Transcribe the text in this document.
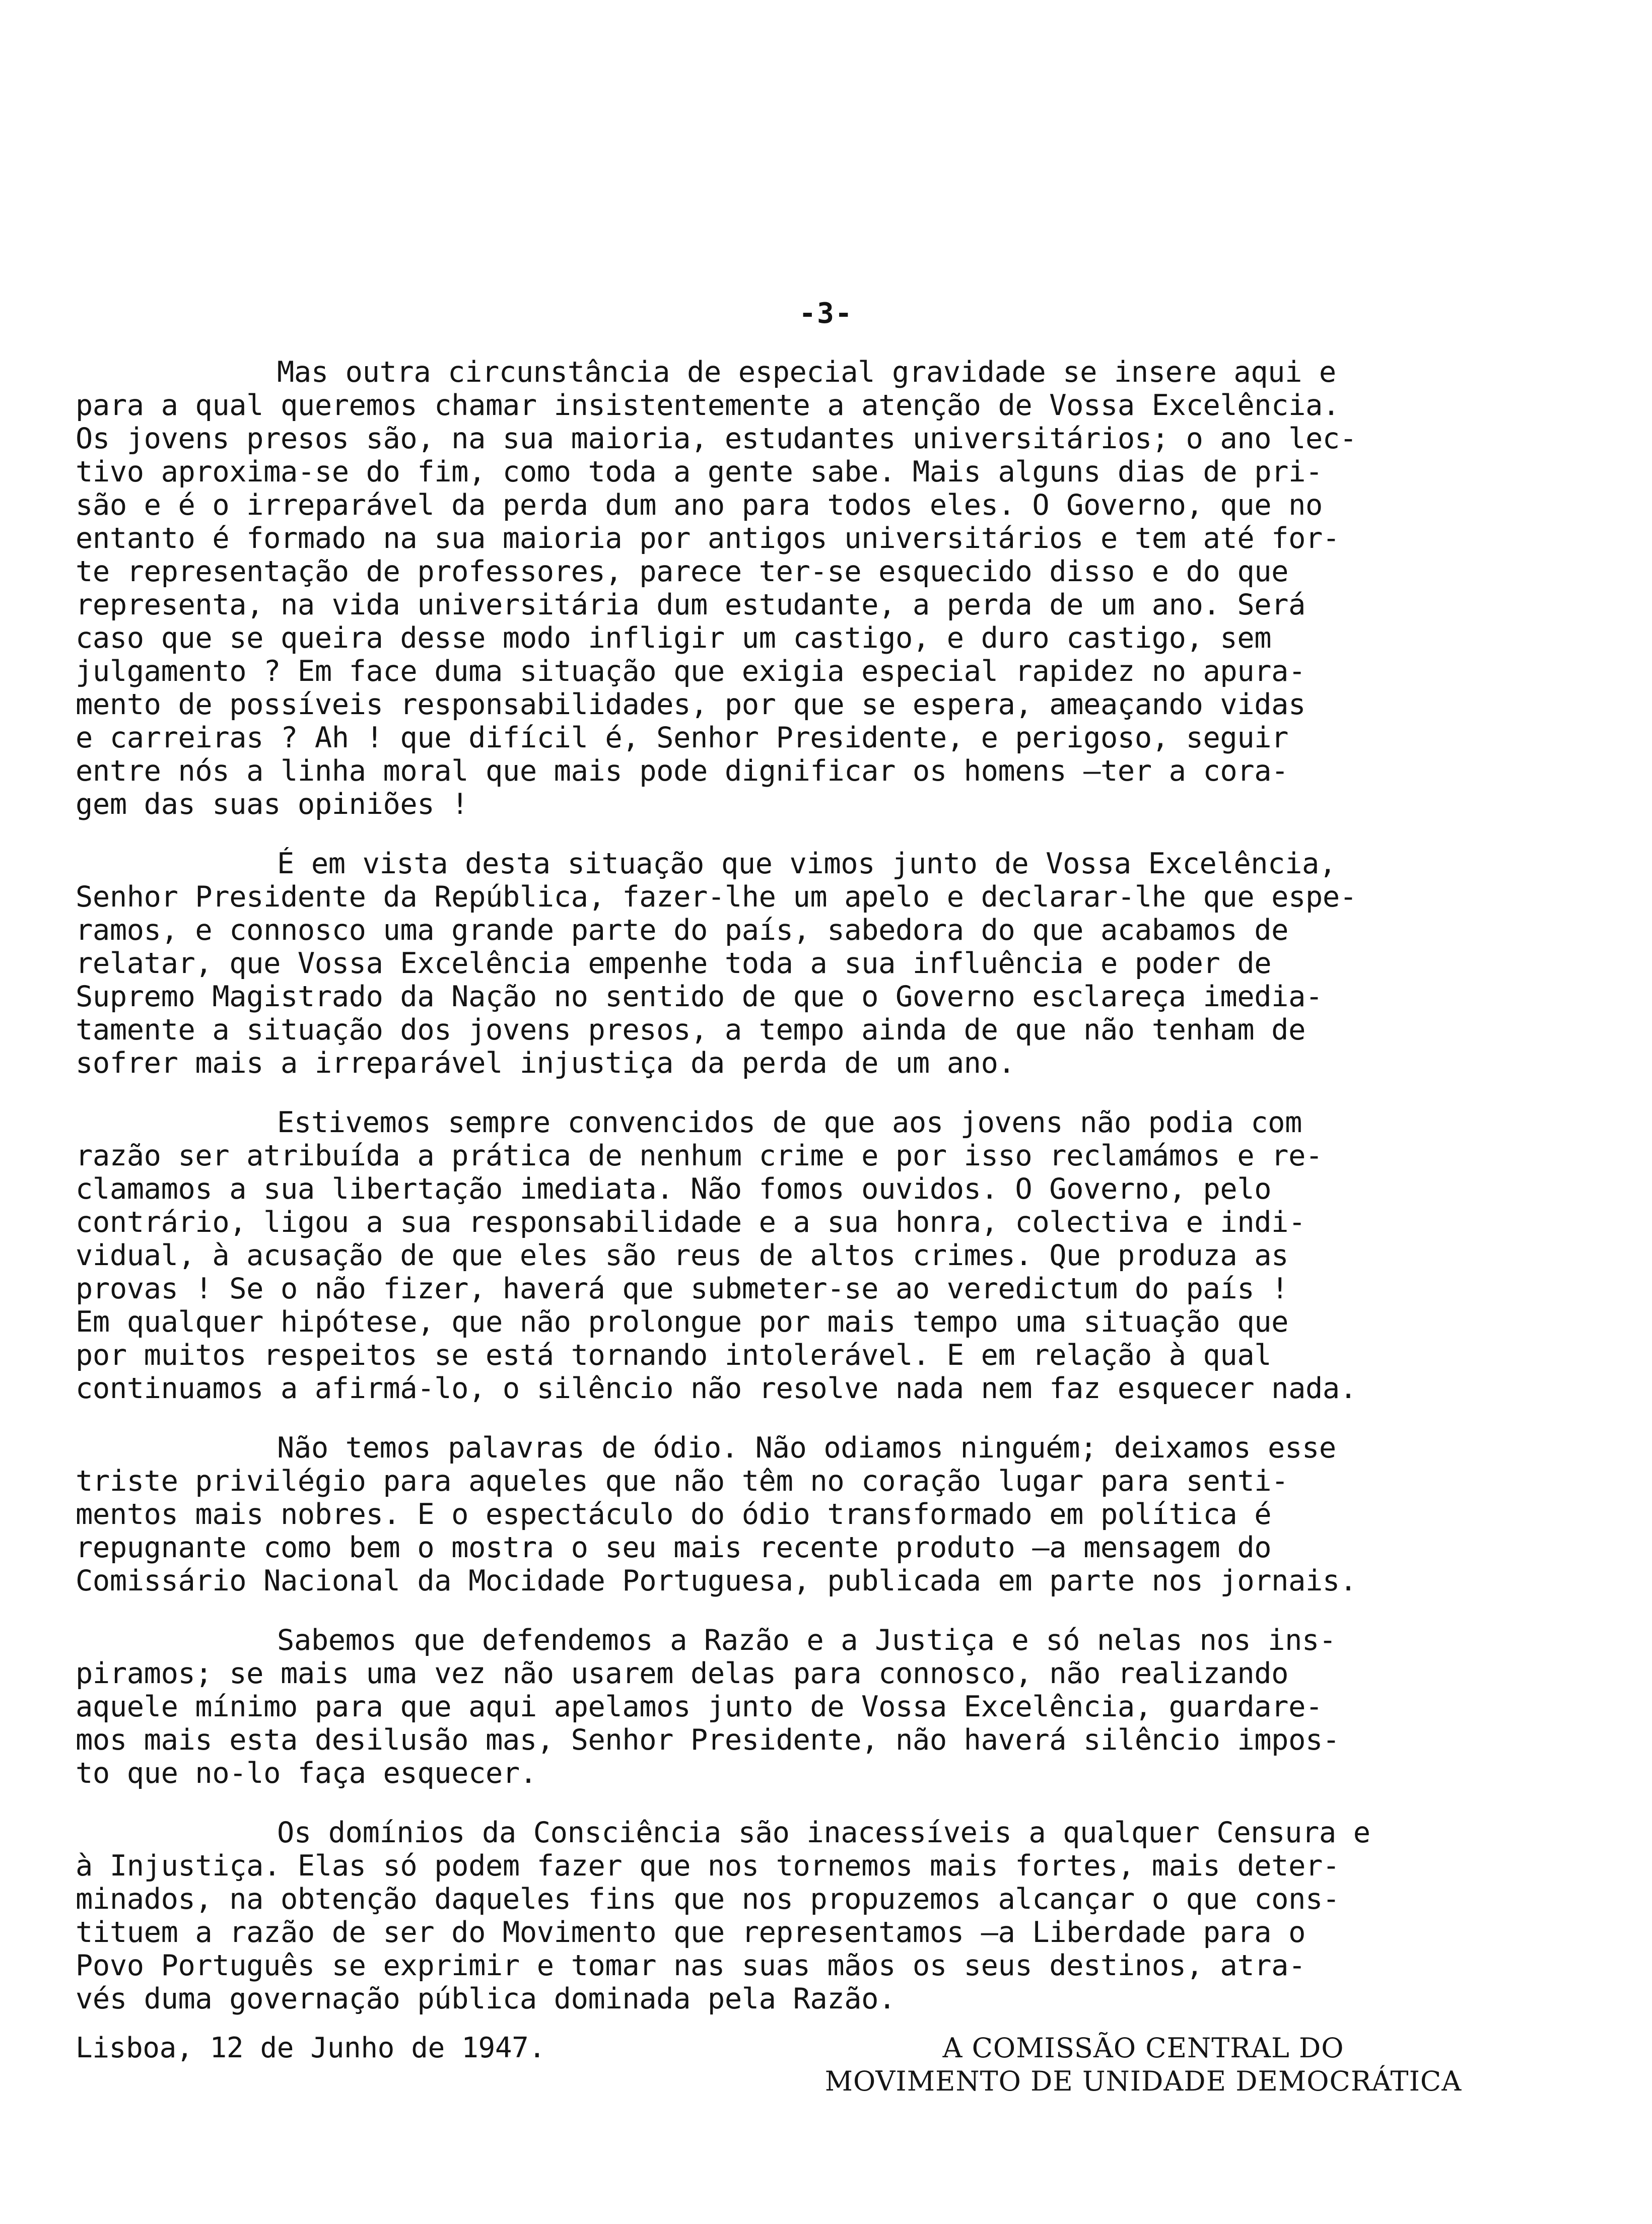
-3-
Mas outra circunstância de especial gravidade se insere aqui e
para a qual queremos chamar insistentemente a atenção de Vossa Excelência.
Os jovens presos são, na sua maioria, estudantes universitários; o ano lec-
tivo aproxima-se do fim, como toda a gente sabe. Mais alguns dias de pri-
são e é o irreparável da perda dum ano para todos eles. O Governo, que no
entanto é formado na sua maioria por antigos universitários e tem até for-
te representação de professores, parece ter-se esquecido disso e do que
representa, na vida universitária dum estudante, a perda de um ano. Será
caso que se queira desse modo infligir um castigo, e duro castigo, sem
julgamento ? Em face duma situação que exigia especial rapidez no apura-
mento de possíveis responsabilidades, por que se espera, ameaçando vidas
e carreiras ? Ah ! que difícil é, Senhor Presidente, e perigoso, seguir
entre nós a linha moral que mais pode dignificar os homens —ter a cora-
gem das suas opiniões !
É em vista desta situação que vimos junto de Vossa Excelência,
Senhor Presidente da República, fazer-lhe um apelo e declarar-lhe que espe-
ramos, e connosco uma grande parte do país, sabedora do que acabamos de
relatar, que Vossa Excelência empenhe toda a sua influência e poder de
Supremo Magistrado da Nação no sentido de que o Governo esclareça imedia-
tamente a situação dos jovens presos, a tempo ainda de que não tenham de
sofrer mais a irreparável injustiça da perda de um ano.
Estivemos sempre convencidos de que aos jovens não podia com
razão ser atribuída a prática de nenhum crime e por isso reclamámos e re-
clamamos a sua libertação imediata. Não fomos ouvidos. O Governo, pelo
contrário, ligou a sua responsabilidade e a sua honra, colectiva e indi-
vidual, à acusação de que eles são reus de altos crimes. Que produza as
provas ! Se o não fizer, haverá que submeter-se ao veredictum do país !
Em qualquer hipótese, que não prolongue por mais tempo uma situação que
por muitos respeitos se está tornando intolerável. E em relação à qual
continuamos a afirmá-lo, o silêncio não resolve nada nem faz esquecer nada.
Não temos palavras de ódio. Não odiamos ninguém; deixamos esse
triste privilégio para aqueles que não têm no coração lugar para senti-
mentos mais nobres. E o espectáculo do ódio transformado em política é
repugnante como bem o mostra o seu mais recente produto —a mensagem do
Comissário Nacional da Mocidade Portuguesa, publicada em parte nos jornais.
Sabemos que defendemos a Razão e a Justiça e só nelas nos ins-
piramos; se mais uma vez não usarem delas para connosco, não realizando
aquele mínimo para que aqui apelamos junto de Vossa Excelência, guardare-
mos mais esta desilusão mas, Senhor Presidente, não haverá silêncio impos-
to que no-lo faça esquecer.
Os domínios da Consciência são inacessíveis a qualquer Censura e
à Injustiça. Elas só podem fazer que nos tornemos mais fortes, mais deter-
minados, na obtenção daqueles fins que nos propuzemos alcançar o que cons-
tituem a razão de ser do Movimento que representamos —a Liberdade para o
Povo Português se exprimir e tomar nas suas mãos os seus destinos, atra-
vés duma governação pública dominada pela Razão.
Lisboa, 12 de Junho de 1947.	A COMISSÃO CENTRAL DO
MOVIMENTO DE UNIDADE DEMOCRÁTICA
